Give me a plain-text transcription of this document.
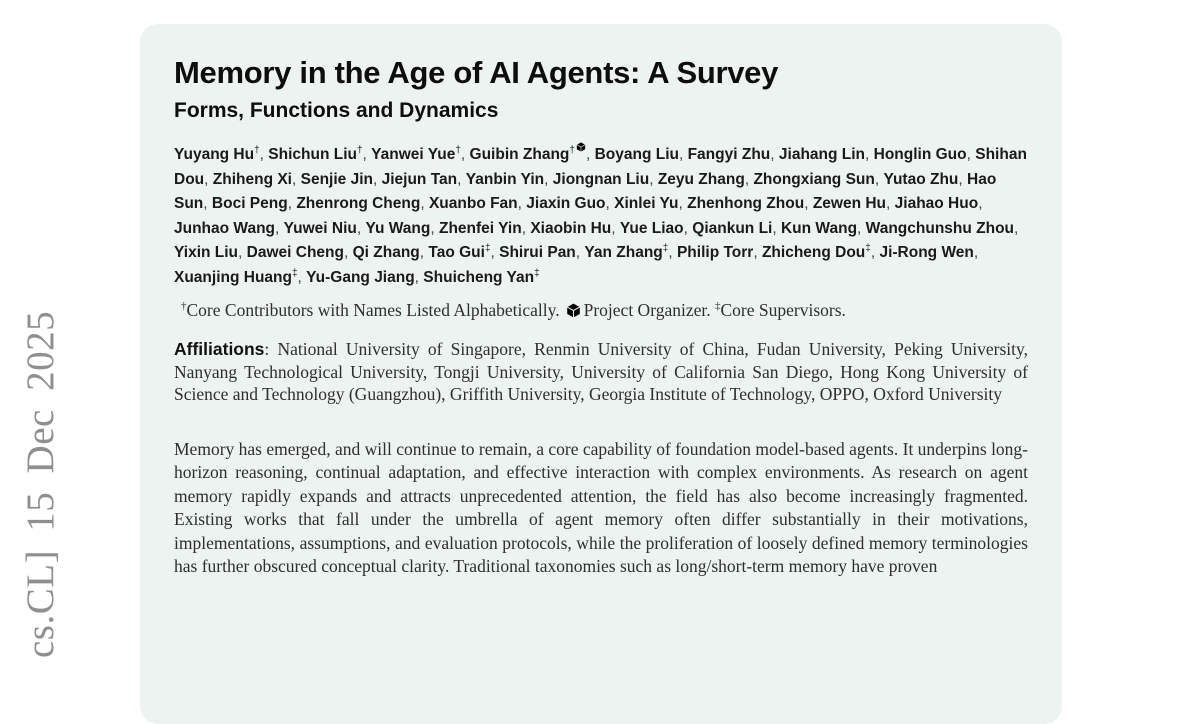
cs.CL] 15 Dec 2025
Memory in the Age of AI Agents: A Survey
Forms, Functions and Dynamics

Yuyang Hu†, Shichun Liu†, Yanwei Yue†, Guibin Zhang† , Boyang Liu, Fangyi Zhu, Jiahang Lin, Honglin Guo, Shihan Dou, Zhiheng Xi, Senjie Jin, Jiejun Tan, Yanbin Yin, Jiongnan Liu, Zeyu Zhang, Zhongxiang Sun, Yutao Zhu, Hao Sun, Boci Peng, Zhenrong Cheng, Xuanbo Fan, Jiaxin Guo, Xinlei Yu, Zhenhong Zhou, Zewen Hu, Jiahao Huo, Junhao Wang, Yuwei Niu, Yu Wang, Zhenfei Yin, Xiaobin Hu, Yue Liao, Qiankun Li, Kun Wang, Wangchunshu Zhou, Yixin Liu, Dawei Cheng, Qi Zhang, Tao Gui‡, Shirui Pan, Yan Zhang‡, Philip Torr, Zhicheng Dou‡, Ji-Rong Wen, Xuanjing Huang‡, Yu-Gang Jiang, Shuicheng Yan‡

†Core Contributors with Names Listed Alphabetically. Project Organizer. ‡Core Supervisors.

Affiliations: National University of Singapore, Renmin University of China, Fudan University, Peking University, Nanyang Technological University, Tongji University, University of California San Diego, Hong Kong University of Science and Technology (Guangzhou), Griffith University, Georgia Institute of Technology, OPPO, Oxford University

Memory has emerged, and will continue to remain, a core capability of foundation model-based agents. It underpins long-horizon reasoning, continual adaptation, and effective interaction with complex environments. As research on agent memory rapidly expands and attracts unprecedented attention, the field has also become increasingly fragmented. Existing works that fall under the umbrella of agent memory often differ substantially in their motivations, implementations, assumptions, and evaluation protocols, while the proliferation of loosely defined memory terminologies has further obscured conceptual clarity. Traditional taxonomies such as long/short-term memory have proven
